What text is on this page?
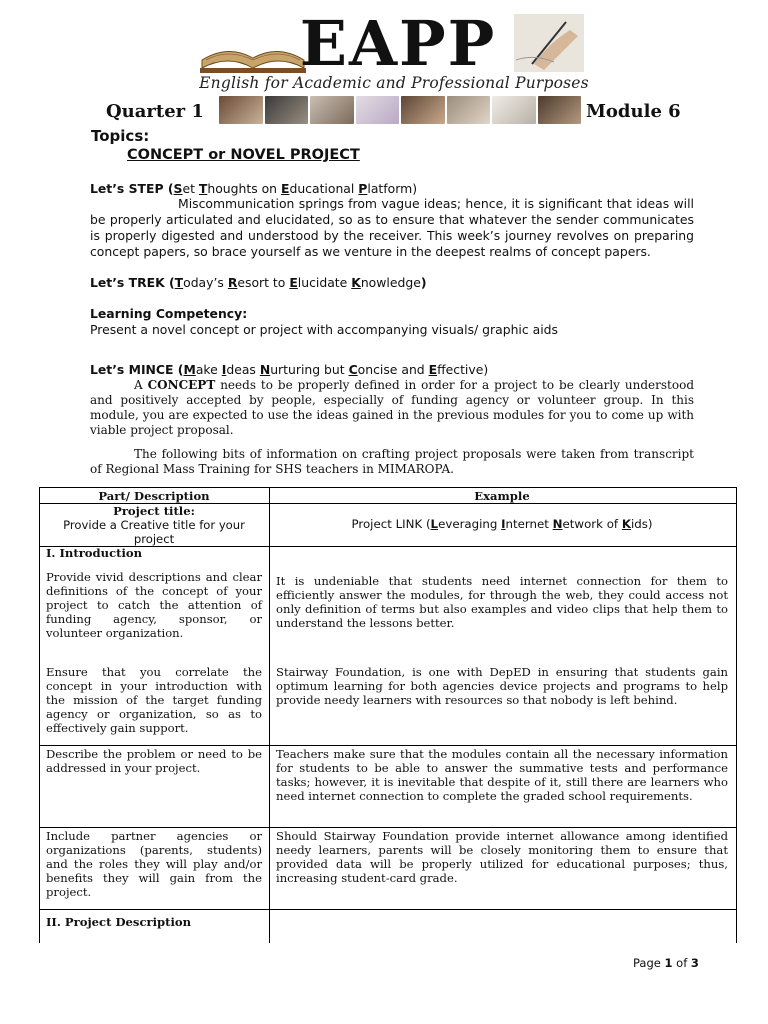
EAPP
English for Academic and Professional Purposes
Quarter 1	Module 6
Topics:
CONCEPT or NOVEL PROJECT
Let’s STEP (Set Thoughts on Educational Platform)
Miscommunication springs from vague ideas; hence, it is significant that ideas will be properly articulated and elucidated, so as to ensure that whatever the sender communicates is properly digested and understood by the receiver. This week’s journey revolves on preparing concept papers, so brace yourself as we venture in the deepest realms of concept papers.
Let’s TREK (Today’s Resort to Elucidate Knowledge)
Learning Competency:
Present a novel concept or project with accompanying visuals/ graphic aids
Let’s MINCE (Make Ideas Nurturing but Concise and Effective)
A CONCEPT needs to be properly defined in order for a project to be clearly understood and positively accepted by people, especially of funding agency or volunteer group. In this module, you are expected to use the ideas gained in the previous modules for you to come up with viable project proposal.
The following bits of information on crafting project proposals were taken from transcript of Regional Mass Training for SHS teachers in MIMAROPA.
Part/ Description	Example
Project title:
Provide a Creative title for your project
Project LINK (Leveraging Internet Network of Kids)
I. Introduction
Provide vivid descriptions and clear definitions of the concept of your project to catch the attention of funding agency, sponsor, or volunteer organization.
It is undeniable that students need internet connection for them to efficiently answer the modules, for through the web, they could access not only definition of terms but also examples and video clips that help them to understand the lessons better.
Ensure that you correlate the concept in your introduction with the mission of the target funding agency or organization, so as to effectively gain support.
Stairway Foundation, is one with DepED in ensuring that students gain optimum learning for both agencies device projects and programs to help provide needy learners with resources so that nobody is left behind.
Describe the problem or need to be addressed in your project.
Teachers make sure that the modules contain all the necessary information for students to be able to answer the summative tests and performance tasks; however, it is inevitable that despite of it, still there are learners who need internet connection to complete the graded school requirements.
Include partner agencies or organizations (parents, students) and the roles they will play and/or benefits they will gain from the project.
Should Stairway Foundation provide internet allowance among identified needy learners, parents will be closely monitoring them to ensure that provided data will be properly utilized for educational purposes; thus, increasing student-card grade.
II. Project Description
Page 1 of 3
